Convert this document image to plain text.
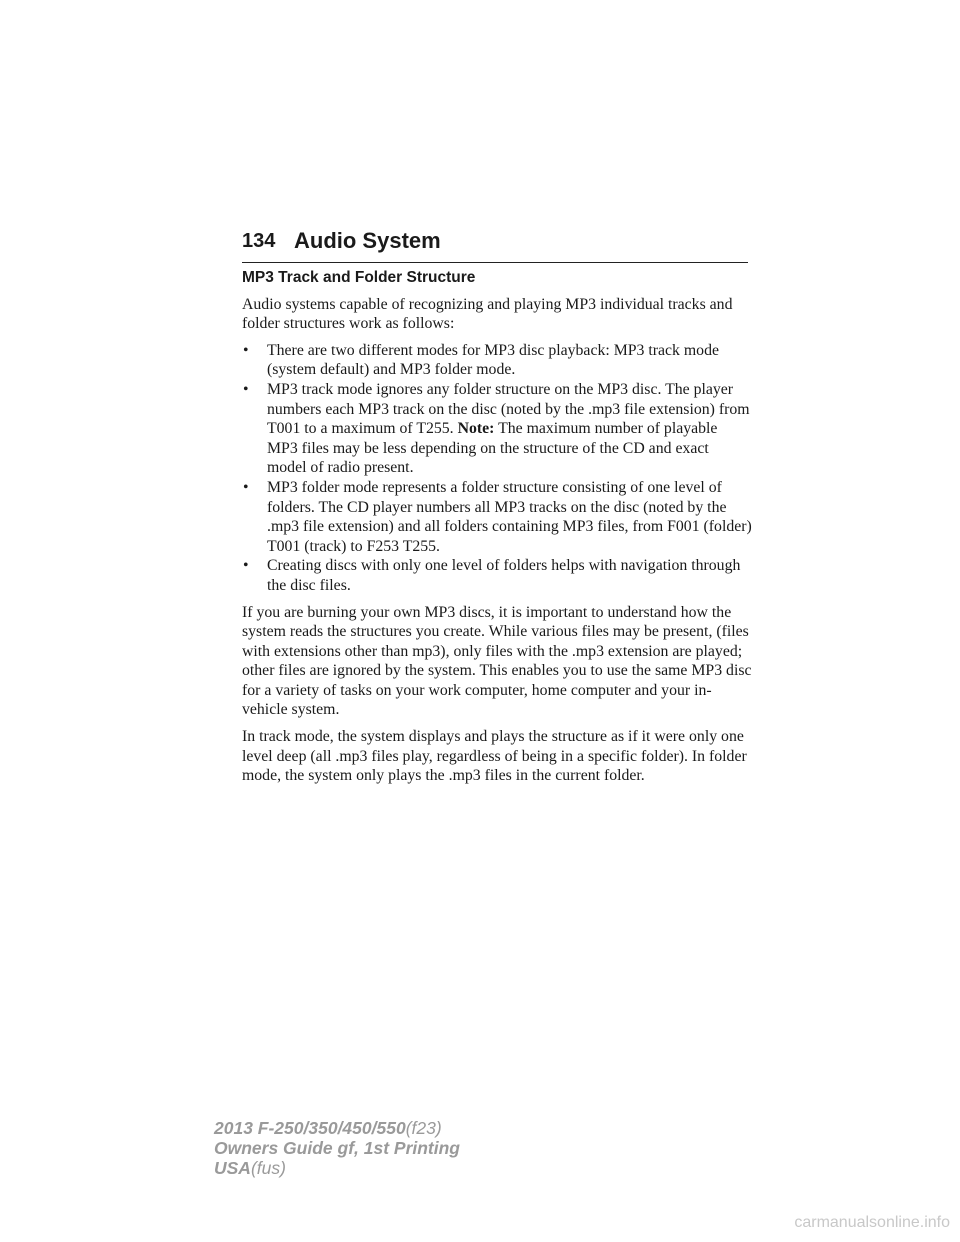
134 Audio System
MP3 Track and Folder Structure

Audio systems capable of recognizing and playing MP3 individual tracks and folder structures work as follows:

• There are two different modes for MP3 disc playback: MP3 track mode (system default) and MP3 folder mode.
• MP3 track mode ignores any folder structure on the MP3 disc. The player numbers each MP3 track on the disc (noted by the .mp3 file extension) from T001 to a maximum of T255. Note: The maximum number of playable MP3 files may be less depending on the structure of the CD and exact model of radio present.
• MP3 folder mode represents a folder structure consisting of one level of folders. The CD player numbers all MP3 tracks on the disc (noted by the .mp3 file extension) and all folders containing MP3 files, from F001 (folder) T001 (track) to F253 T255.
• Creating discs with only one level of folders helps with navigation through the disc files.

If you are burning your own MP3 discs, it is important to understand how the system reads the structures you create. While various files may be present, (files with extensions other than mp3), only files with the .mp3 extension are played; other files are ignored by the system. This enables you to use the same MP3 disc for a variety of tasks on your work computer, home computer and your in-vehicle system.

In track mode, the system displays and plays the structure as if it were only one level deep (all .mp3 files play, regardless of being in a specific folder). In folder mode, the system only plays the .mp3 files in the current folder.

2013 F-250/350/450/550(f23)
Owners Guide gf, 1st Printing
USA(fus)
carmanualsonline.info
